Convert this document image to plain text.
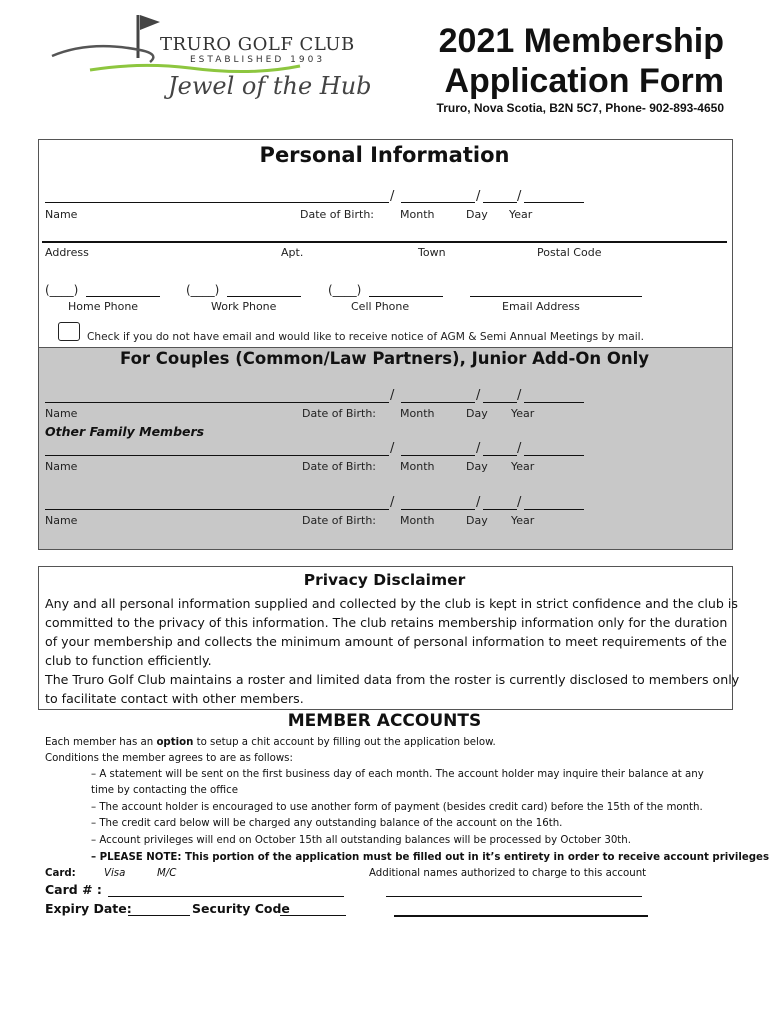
TRURO GOLF CLUB
ESTABLISHED 1903
Jewel of the Hub
2021 Membership
Application Form
Truro, Nova Scotia, B2N 5C7, Phone- 902-893-4650
Personal Information
/	/	/
Name	Date of Birth: Month	Day Year
Address	Apt.	Town	Postal Code
(____)	(____)	(____)
Home Phone	Work Phone	Cell Phone	Email Address
Check if you do not have email and would like to receive notice of AGM & Semi Annual Meetings by mail.
For Couples (Common/Law Partners), Junior Add-On Only
/	/	/
Name	Date of Birth: Month	Day Year
Other Family Members
/	/	/
Name	Date of Birth: Month	Day Year
/	/	/
Name	Date of Birth: Month	Day Year
Privacy Disclaimer
Any and all personal information supplied and collected by the club is kept in strict confidence and the club is
committed to the privacy of this information. The club retains membership information only for the duration
of your membership and collects the minimum amount of personal information to meet requirements of the
club to function efficiently.
The Truro Golf Club maintains a roster and limited data from the roster is currently disclosed to members only
to facilitate contact with other members.
MEMBER ACCOUNTS
Each member has an option to setup a chit account by filling out the application below.
Conditions the member agrees to are as follows:
– A statement will be sent on the first business day of each month. The account holder may inquire their balance at any
time by contacting the office
– The account holder is encouraged to use another form of payment (besides credit card) before the 15th of the month.
– The credit card below will be charged any outstanding balance of the account on the 16th.
– Account privileges will end on October 15th all outstanding balances will be processed by October 30th.
– PLEASE NOTE: This portion of the application must be filled out in it’s entirety in order to receive account privileges
Card:	Visa	M/C	Additional names authorized to charge to this account
Card # :
Expiry Date:	Security Code
